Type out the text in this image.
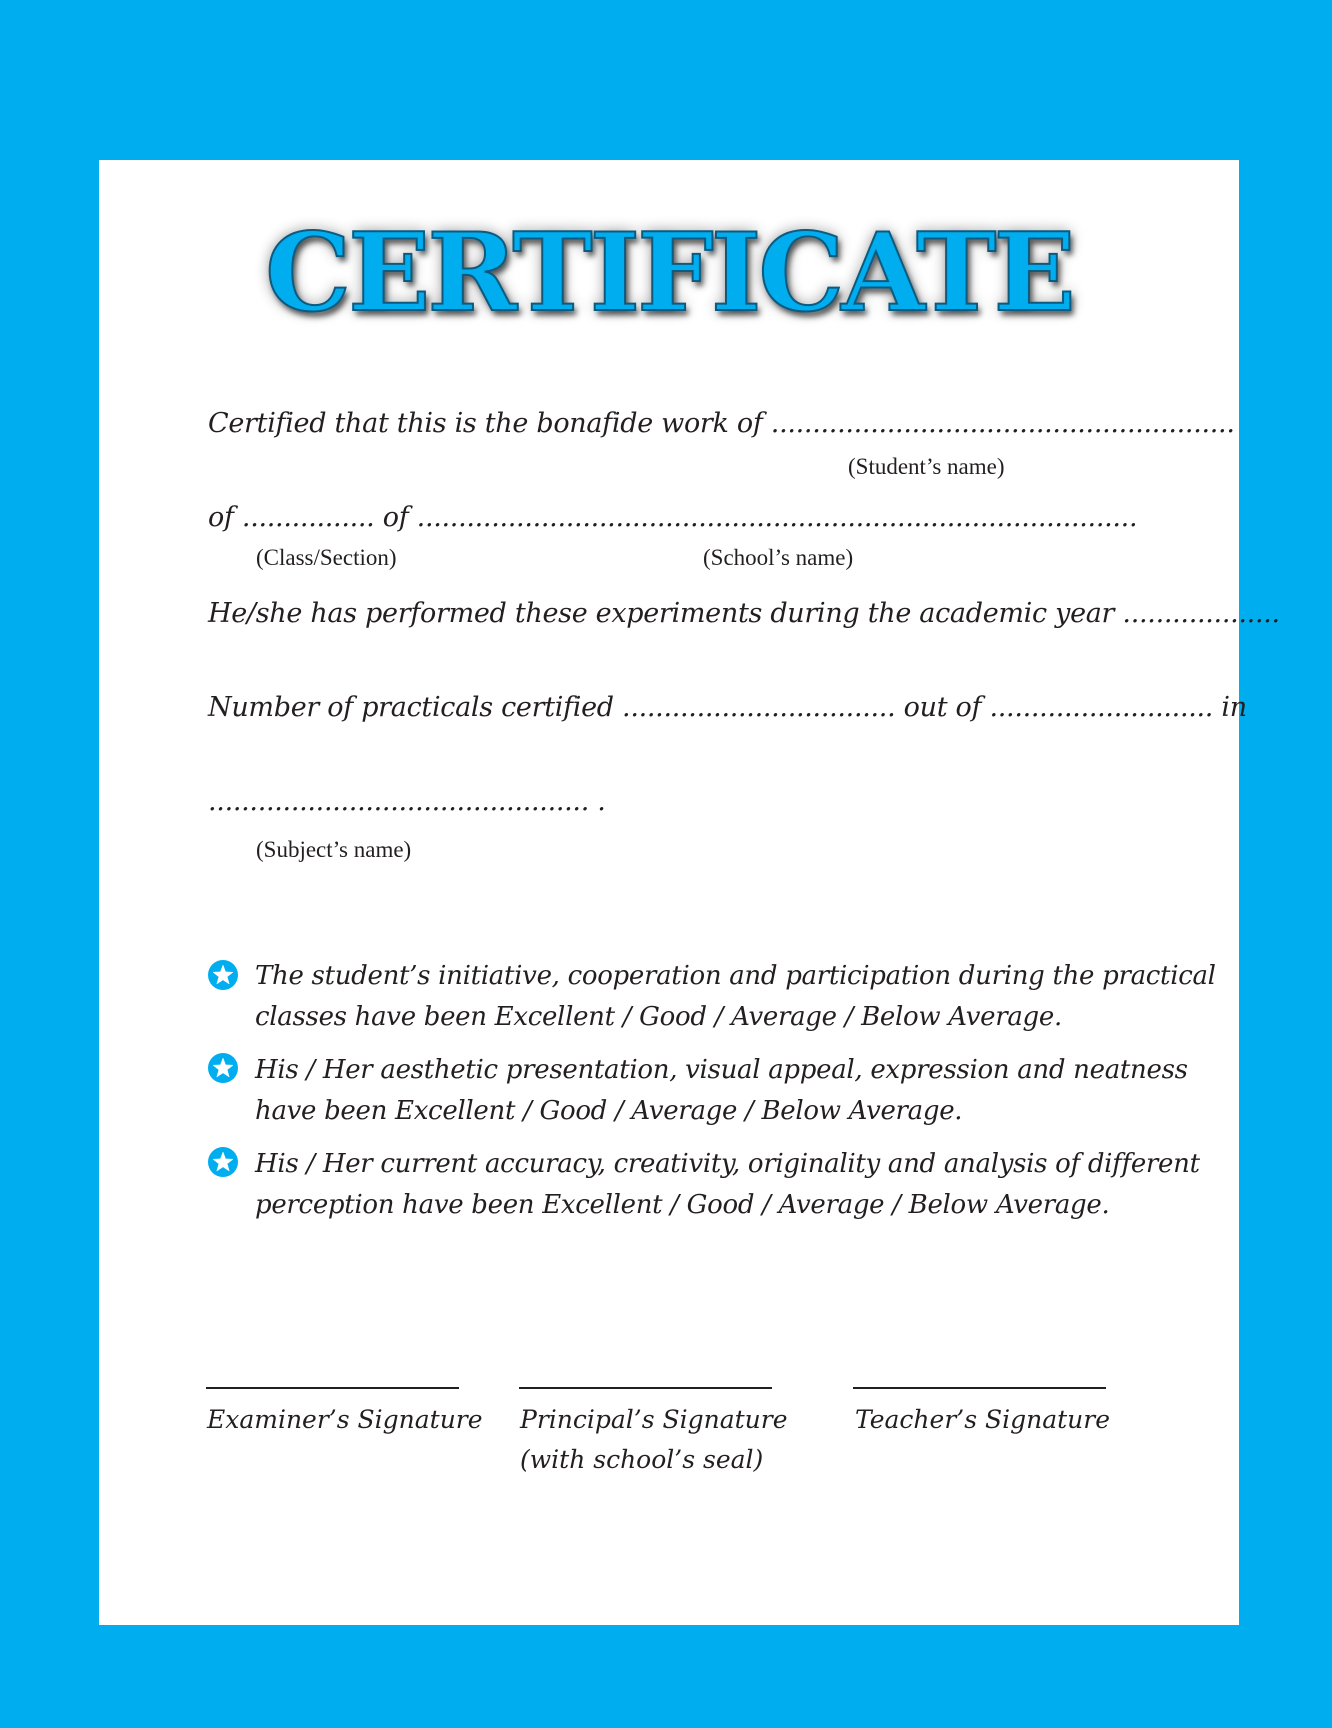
CERTIFICATE
Certified that this is the bonafide work of ........................................................
(Student’s name)
of ................ of .......................................................................................
(Class/Section)	(School’s name)
He/she has performed these experiments during the academic year ...................
Number of practicals certified ................................. out of ........................... in
.............................................. .
(Subject’s name)
The student’s initiative, cooperation and participation during the practical
classes have been Excellent / Good / Average / Below Average.
His / Her aesthetic presentation, visual appeal, expression and neatness
have been Excellent / Good / Average / Below Average.
His / Her current accuracy, creativity, originality and analysis of different
perception have been Excellent / Good / Average / Below Average.
Examiner’s Signature Principal’s Signature
(with school’s seal)
Teacher’s Signature
